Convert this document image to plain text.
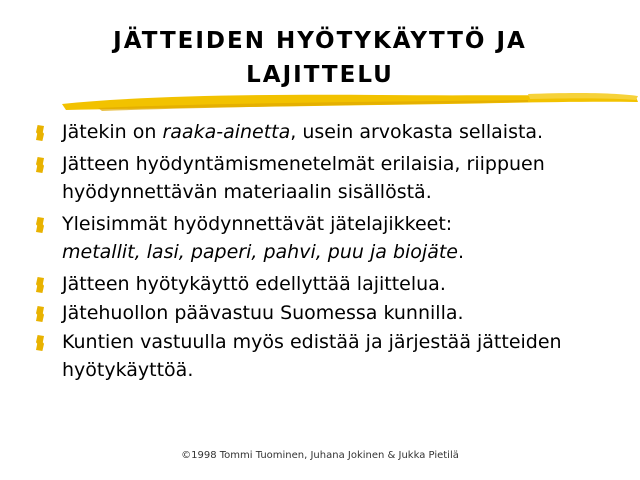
JÄTTEIDEN HYÖTYKÄYTTÖ JA
LAJITTELU
Jätekin on raaka-ainetta, usein arvokasta sellaista.
Jätteen hyödyntämismenetelmät erilaisia, riippuen hyödynnettävän materiaalin sisällöstä.
Yleisimmät hyödynnettävät jätelajikkeet:
metallit, lasi, paperi, pahvi, puu ja biojäte.
Jätteen hyötykäyttö edellyttää lajittelua.
Jätehuollon päävastuu Suomessa kunnilla.
Kuntien vastuulla myös edistää ja järjestää jätteiden hyötykäyttöä.
©1998 Tommi Tuominen, Juhana Jokinen & Jukka Pietilä
